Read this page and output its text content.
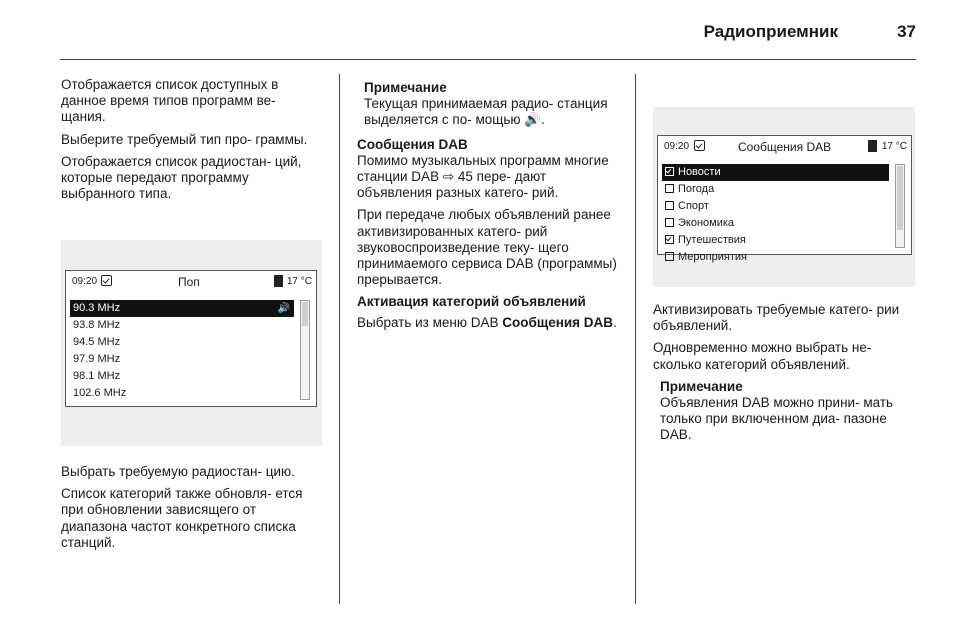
Радиоприемник	37

Отображается список доступных в данное время типов программ ве‐ щания.

Выберите требуемый тип про‐ граммы.

Отображается список радиостан‐ ций, которые передают программу выбранного типа.

09:20	Поп	17 °C
90.3 MHz	🔊
93.8 MHz
94.5 MHz
97.9 MHz
98.1 MHz
102.6 MHz

Выбрать требуемую радиостан‐ цию.

Список категорий также обновля‐ ется при обновлении зависящего от диапазона частот конкретного списка станций.

Примечание
Текущая принимаемая радио‐ станция выделяется с по‐ мощью 🔊.
Сообщения DAB

Помимо музыкальных программ многие станции DAB ⇨ 45 пере‐ дают объявления разных катего‐ рий.

При передаче любых объявлений ранее активизированных катего‐ рий звуковоспроизведение теку‐ щего принимаемого сервиса DAB (программы) прерывается.

Активация категорий объявлений

Выбрать из меню DAB Сообщения DAB.

09:20	Сообщения DAB	17 °C
Новости
Погода
Спорт
Экономика
Путешествия
Мероприятия

Активизировать требуемые катего‐ рии объявлений.

Одновременно можно выбрать не‐ сколько категорий объявлений.

Примечание
Объявления DAB можно прини‐ мать только при включенном диа‐ пазоне DAB.
